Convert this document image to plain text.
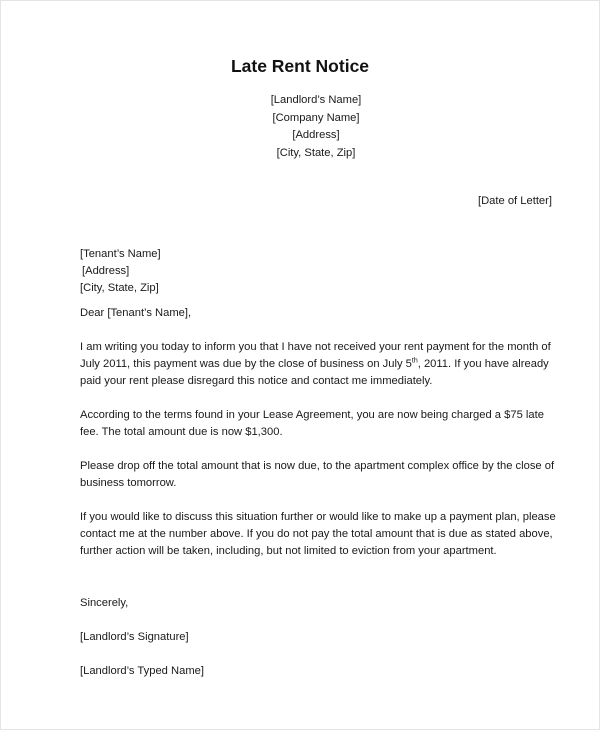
Late Rent Notice
[Landlord’s Name]
[Company Name]
[Address]
[City, State, Zip]
[Date of Letter]
[Tenant’s Name]
[Address]
[City, State, Zip]

Dear [Tenant’s Name],

I am writing you today to inform you that I have not received your rent payment for the month of July 2011, this payment was due by the close of business on July 5th, 2011. If you have already paid your rent please disregard this notice and contact me immediately.

According to the terms found in your Lease Agreement, you are now being charged a $75 late fee. The total amount due is now $1,300.

Please drop off the total amount that is now due, to the apartment complex office by the close of business tomorrow.

If you would like to discuss this situation further or would like to make up a payment plan, please contact me at the number above. If you do not pay the total amount that is due as stated above, further action will be taken, including, but not limited to eviction from your apartment.

Sincerely,

[Landlord’s Signature]

[Landlord’s Typed Name]
